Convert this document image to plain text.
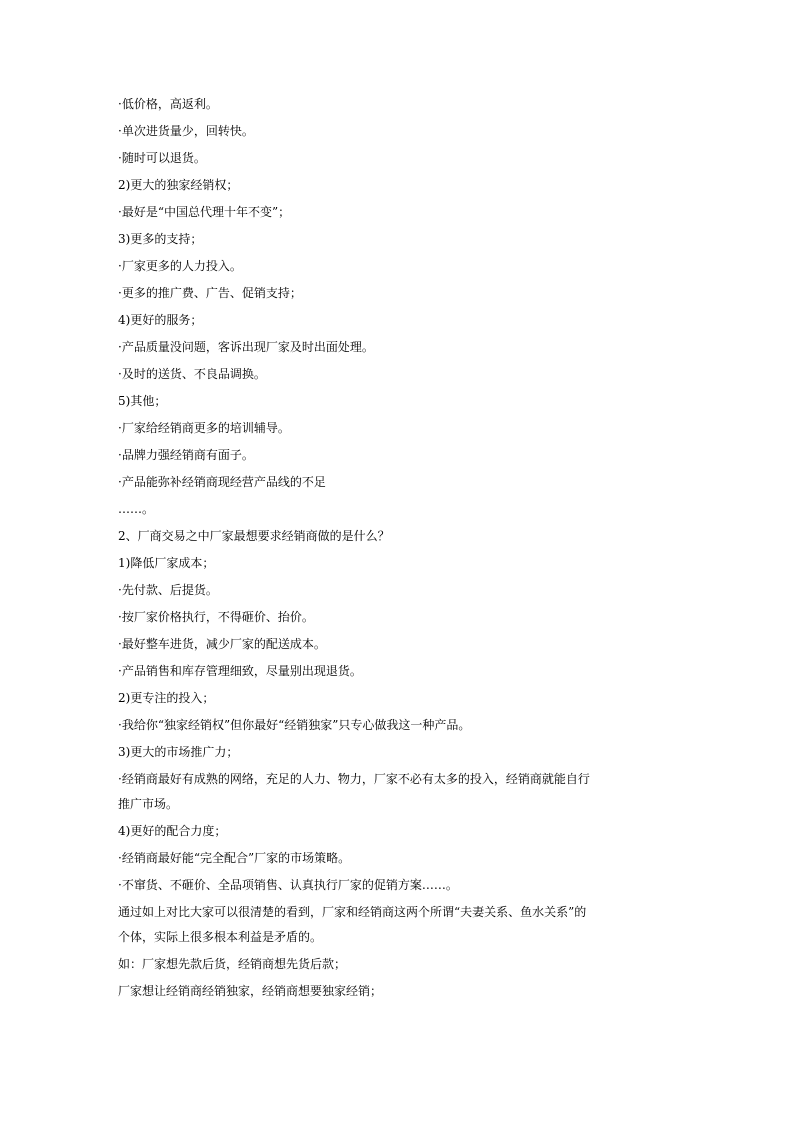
·低价格，高返利。
·单次进货量少，回转快。
·随时可以退货。
2)更大的独家经销权；
·最好是“中国总代理十年不变”；
3)更多的支持；
·厂家更多的人力投入。
·更多的推广费、广告、促销支持；
4)更好的服务；
·产品质量没问题，客诉出现厂家及时出面处理。
·及时的送货、不良品调换。
5)其他；
·厂家给经销商更多的培训辅导。
·品牌力强经销商有面子。
·产品能弥补经销商现经营产品线的不足
……。
2、厂商交易之中厂家最想要求经销商做的是什么？
1)降低厂家成本；
·先付款、后提货。
·按厂家价格执行，不得砸价、抬价。
·最好整车进货，减少厂家的配送成本。
·产品销售和库存管理细致，尽量别出现退货。
2)更专注的投入；
·我给你“独家经销权”但你最好“经销独家”只专心做我这一种产品。
3)更大的市场推广力；
·经销商最好有成熟的网络，充足的人力、物力，厂家不必有太多的投入，经销商就能自行
推广市场。
4)更好的配合力度；
·经销商最好能“完全配合”厂家的市场策略。
·不窜货、不砸价、全品项销售、认真执行厂家的促销方案……。
通过如上对比大家可以很清楚的看到，厂家和经销商这两个所谓“夫妻关系、鱼水关系”的
个体，实际上很多根本利益是矛盾的。
如：厂家想先款后货，经销商想先货后款；
厂家想让经销商经销独家，经销商想要独家经销；
